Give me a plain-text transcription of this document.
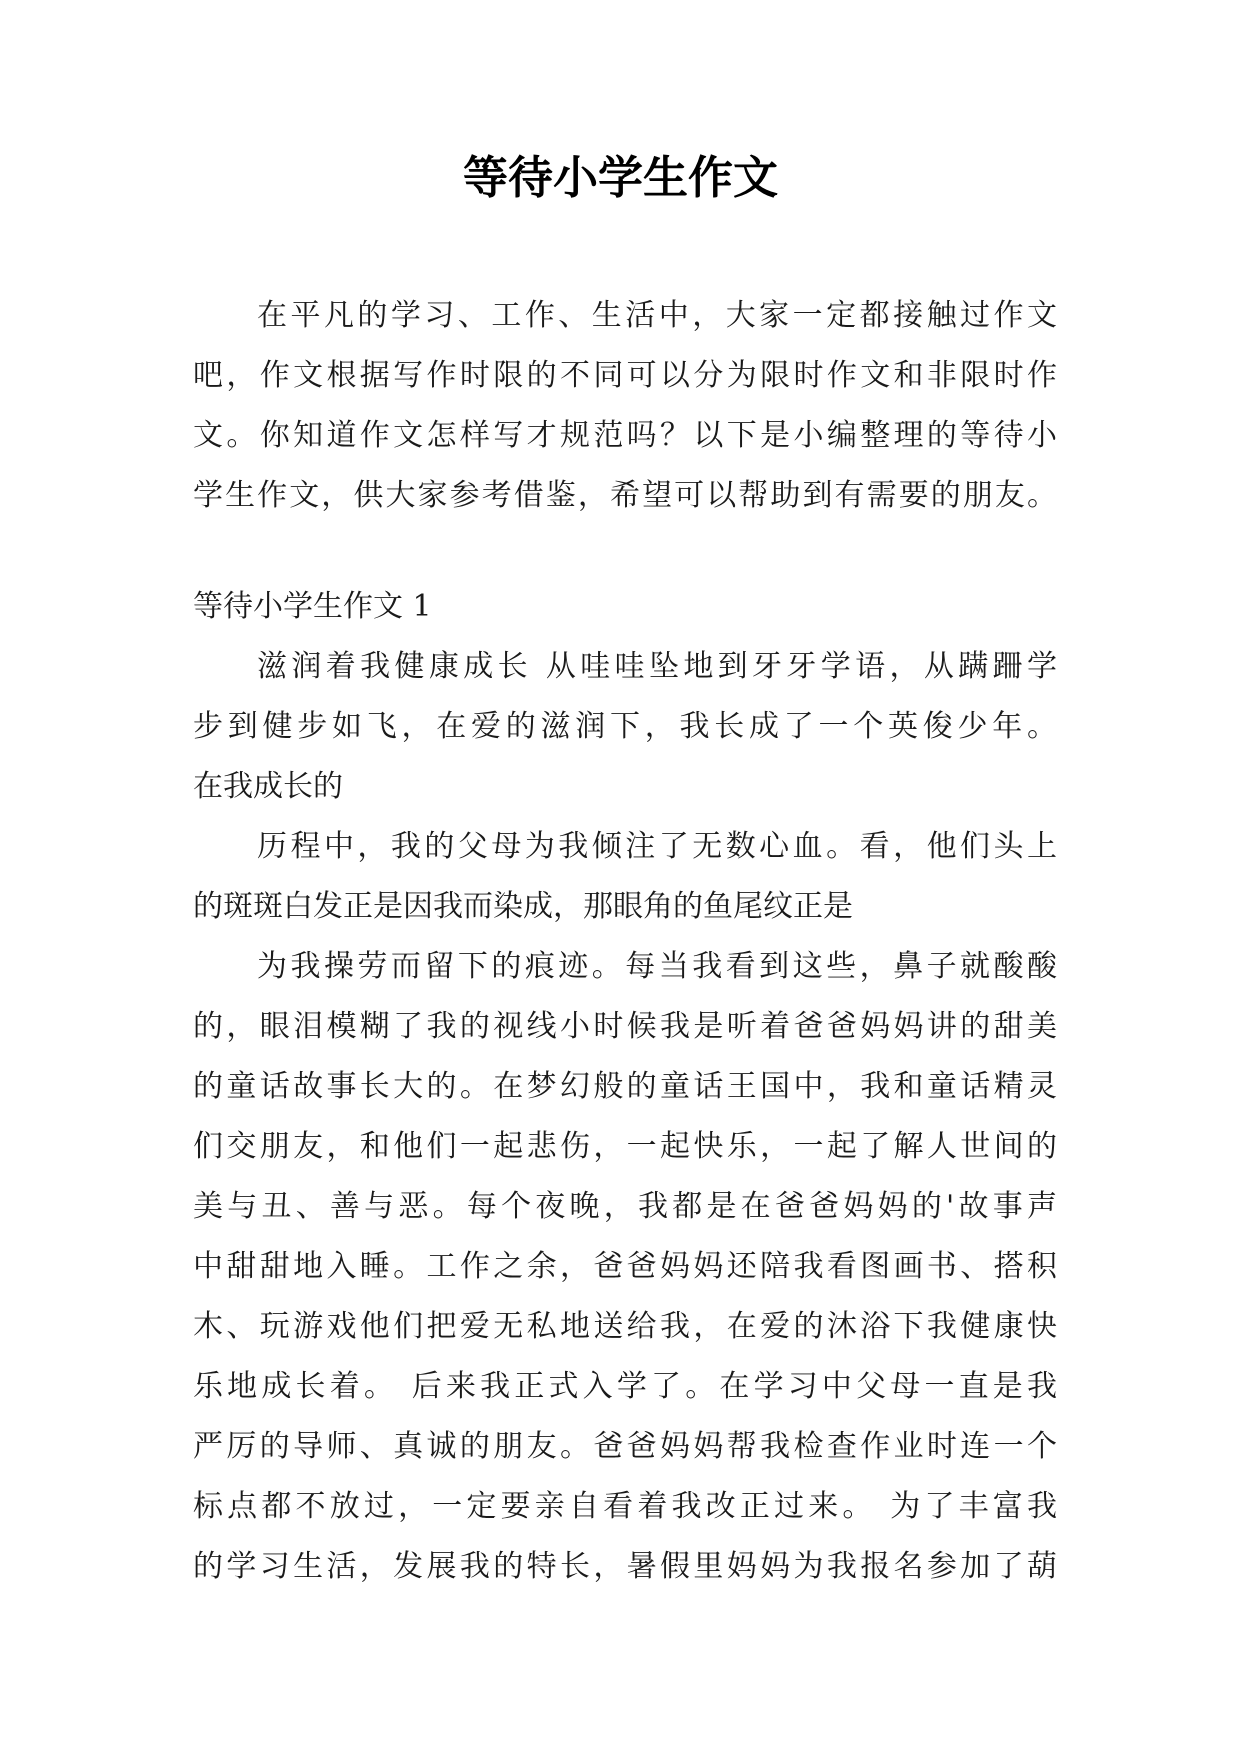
等待小学生作文

在平凡的学习、工作、生活中，大家一定都接触过作文

吧，作文根据写作时限的不同可以分为限时作文和非限时作

文。你知道作文怎样写才规范吗？以下是小编整理的等待小

学生作文，供大家参考借鉴，希望可以帮助到有需要的朋友。

等待小学生作文 1

滋润着我健康成长 从哇哇坠地到牙牙学语，从蹒跚学

步到健步如飞，在爱的滋润下，我长成了一个英俊少年。

在我成长的

历程中，我的父母为我倾注了无数心血。看，他们头上

的斑斑白发正是因我而染成，那眼角的鱼尾纹正是

为我操劳而留下的痕迹。每当我看到这些，鼻子就酸酸

的，眼泪模糊了我的视线小时候我是听着爸爸妈妈讲的甜美

的童话故事长大的。在梦幻般的童话王国中，我和童话精灵

们交朋友，和他们一起悲伤，一起快乐，一起了解人世间的

美与丑、善与恶。每个夜晚，我都是在爸爸妈妈的'故事声

中甜甜地入睡。工作之余，爸爸妈妈还陪我看图画书、搭积

木、玩游戏他们把爱无私地送给我，在爱的沐浴下我健康快

乐地成长着。 后来我正式入学了。在学习中父母一直是我

严厉的导师、真诚的朋友。爸爸妈妈帮我检查作业时连一个

标点都不放过，一定要亲自看着我改正过来。 为了丰富我

的学习生活，发展我的特长，暑假里妈妈为我报名参加了葫
